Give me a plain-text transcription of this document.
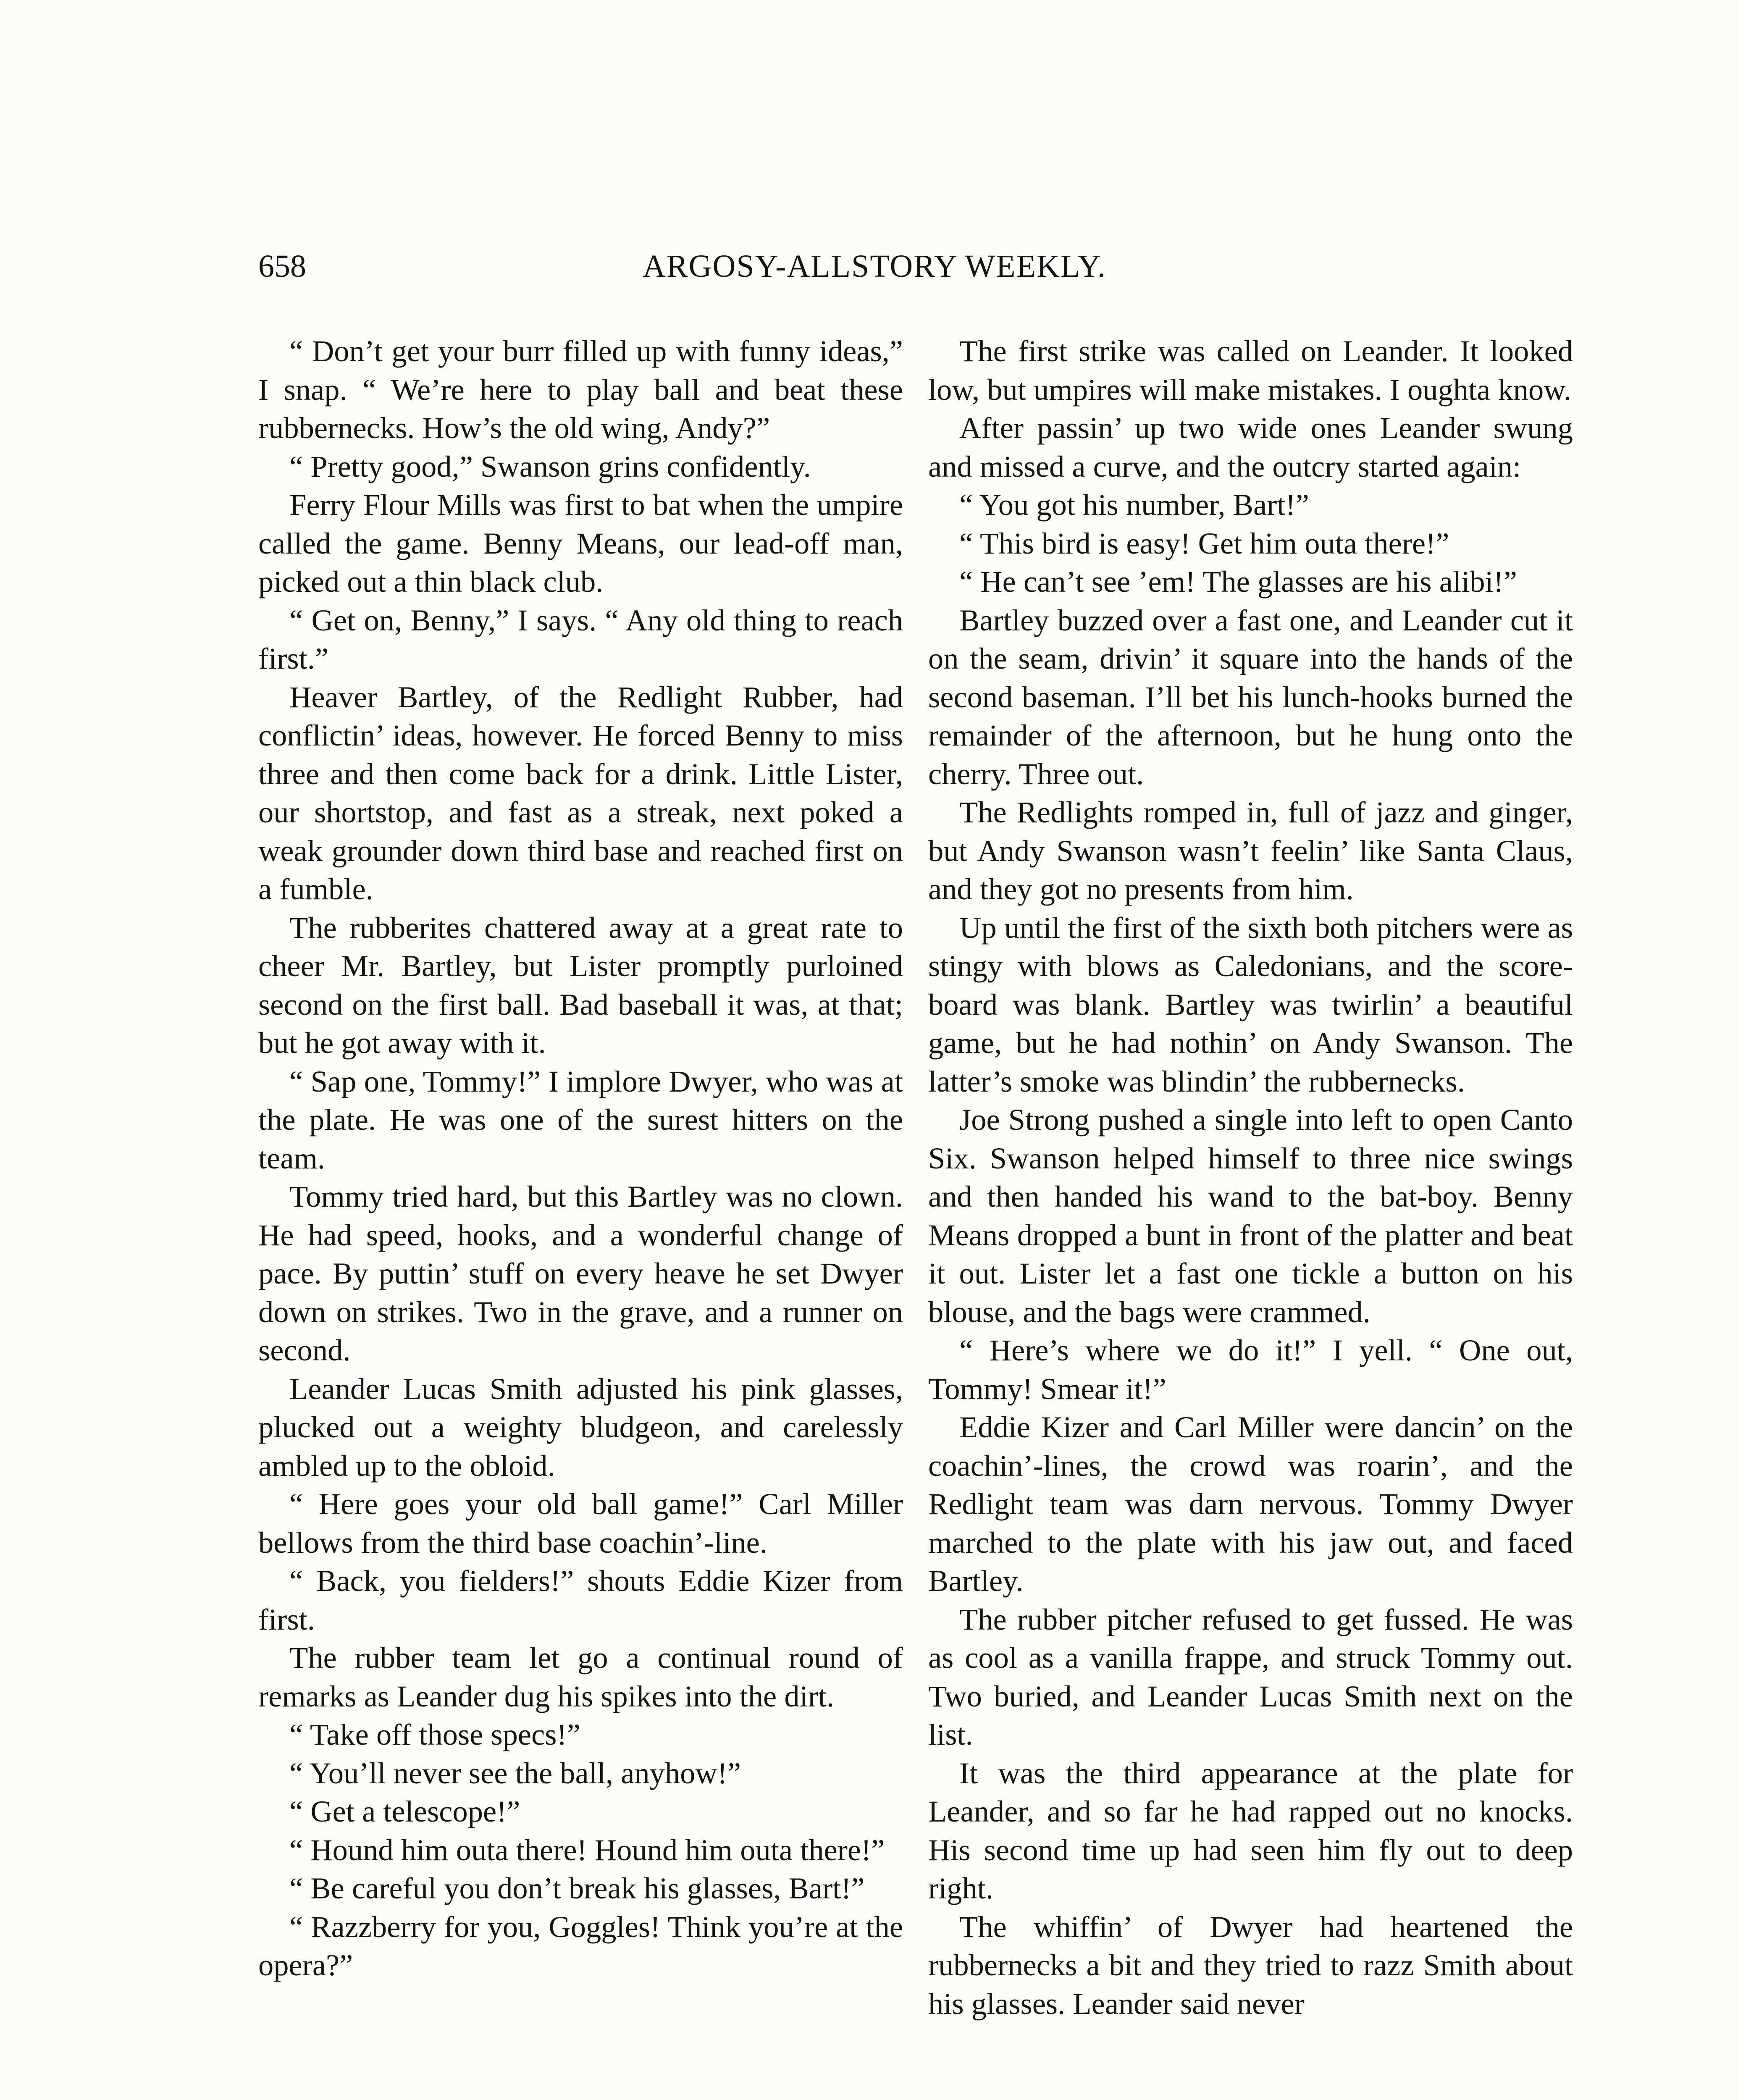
658	ARGOSY-ALLSTORY WEEKLY.

“ Don’t get your burr filled up with funny ideas,” I snap. “ We’re here to play ball and beat these rubbernecks. How’s the old wing, Andy?”

“ Pretty good,” Swanson grins confidently.

Ferry Flour Mills was first to bat when the umpire called the game. Benny Means, our lead-off man, picked out a thin black club.

“ Get on, Benny,” I says. “ Any old thing to reach first.”

Heaver Bartley, of the Redlight Rubber, had conflictin’ ideas, however. He forced Benny to miss three and then come back for a drink. Little Lister, our shortstop, and fast as a streak, next poked a weak grounder down third base and reached first on a fumble.

The rubberites chattered away at a great rate to cheer Mr. Bartley, but Lister promptly purloined second on the first ball. Bad baseball it was, at that; but he got away with it.

“ Sap one, Tommy!” I implore Dwyer, who was at the plate. He was one of the surest hitters on the team.

Tommy tried hard, but this Bartley was no clown. He had speed, hooks, and a wonderful change of pace. By puttin’ stuff on every heave he set Dwyer down on strikes. Two in the grave, and a runner on second.

Leander Lucas Smith adjusted his pink glasses, plucked out a weighty bludgeon, and carelessly ambled up to the obloid.

“ Here goes your old ball game!” Carl Miller bellows from the third base coachin’-line.

“ Back, you fielders!” shouts Eddie Kizer from first.

The rubber team let go a continual round of remarks as Leander dug his spikes into the dirt.

“ Take off those specs!”

“ You’ll never see the ball, anyhow!”

“ Get a telescope!”

“ Hound him outa there! Hound him outa there!”

“ Be careful you don’t break his glasses, Bart!”

“ Razzberry for you, Goggles! Think you’re at the opera?”

The first strike was called on Leander. It looked low, but umpires will make mistakes. I oughta know.

After passin’ up two wide ones Leander swung and missed a curve, and the outcry started again:

“ You got his number, Bart!”

“ This bird is easy! Get him outa there!”

“ He can’t see ’em! The glasses are his alibi!”

Bartley buzzed over a fast one, and Leander cut it on the seam, drivin’ it square into the hands of the second baseman. I’ll bet his lunch-hooks burned the remainder of the afternoon, but he hung onto the cherry. Three out.

The Redlights romped in, full of jazz and ginger, but Andy Swanson wasn’t feelin’ like Santa Claus, and they got no presents from him.

Up until the first of the sixth both pitchers were as stingy with blows as Caledonians, and the score-board was blank. Bartley was twirlin’ a beautiful game, but he had nothin’ on Andy Swanson. The latter’s smoke was blindin’ the rubbernecks.

Joe Strong pushed a single into left to open Canto Six. Swanson helped himself to three nice swings and then handed his wand to the bat-boy. Benny Means dropped a bunt in front of the platter and beat it out. Lister let a fast one tickle a button on his blouse, and the bags were crammed.

“ Here’s where we do it!” I yell. “ One out, Tommy! Smear it!”

Eddie Kizer and Carl Miller were dancin’ on the coachin’-lines, the crowd was roarin’, and the Redlight team was darn nervous. Tommy Dwyer marched to the plate with his jaw out, and faced Bartley.

The rubber pitcher refused to get fussed. He was as cool as a vanilla frappe, and struck Tommy out. Two buried, and Leander Lucas Smith next on the list.

It was the third appearance at the plate for Leander, and so far he had rapped out no knocks. His second time up had seen him fly out to deep right.

The whiffin’ of Dwyer had heartened the rubbernecks a bit and they tried to razz Smith about his glasses. Leander said never
